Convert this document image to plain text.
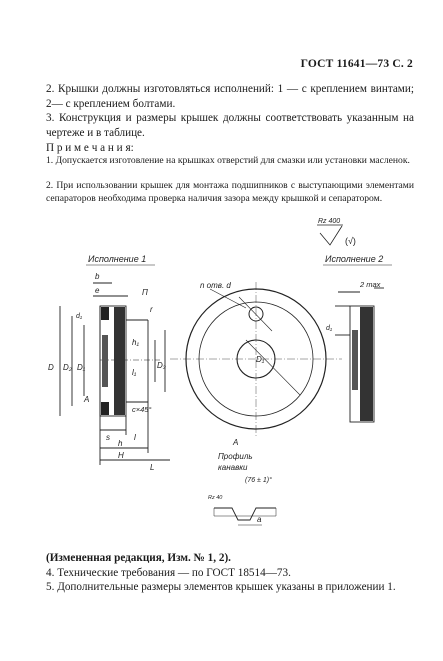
ГОСТ 11641—73 С. 2
2. Крышки должны изготовляться исполнений: 1 — с креплением винтами; 2— с креплением болтами.
3. Конструкция и размеры крышек должны соответствовать указанным на чертеже и в таблице.
П р и м е ч а н и я:
1. Допускается изготовление на крышках отверстий для смазки или установки масленок.
2. При использовании крышек для монтажа подшипников с выступающими элементами сепараторов необходима проверка наличия зазора между крышкой и сепаратором.
Rz 400
(√)
Исполнение 1
b
e	П
d₁
D D₂ D₁	D₃
h₁
l₁
r
A
c×45°
s	l
h
H
L
n отв. d
D₁
Исполнение 2
2 max
d₁
A
Профиль
канавки
(76 ± 1)°
Rz 40
a
(Измененная редакция, Изм. № 1, 2).
4. Технические требования — по ГОСТ 18514—73.
5. Дополнительные размеры элементов крышек указаны в приложении 1.
